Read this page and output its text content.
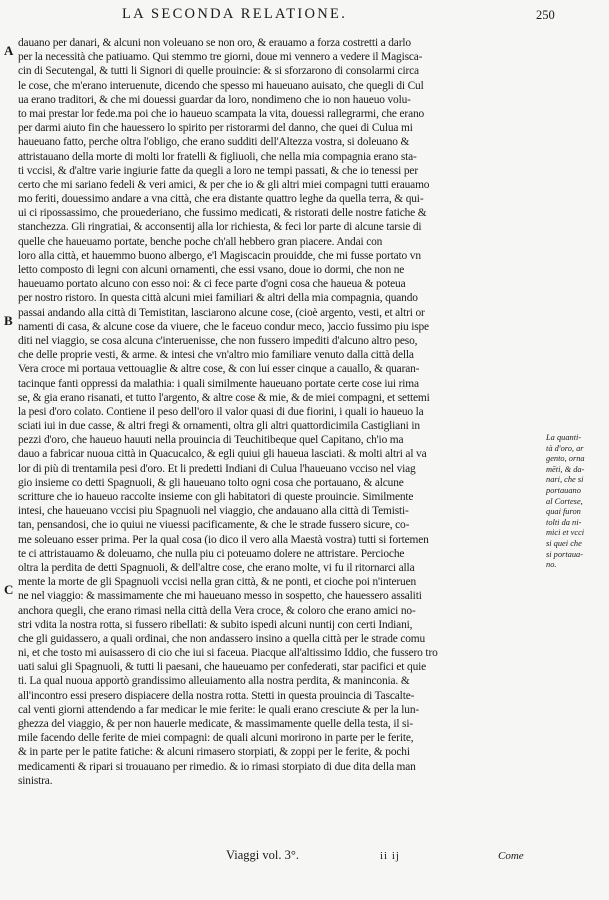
LA SECONDA RELATIONE.	250
A
B
C
dauano per danari, & alcuni non voleuano se non oro, & erauamo a forza costretti a darlo
per la necessità che patiuamo. Qui stemmo tre giorni, doue mi vennero a vedere il Magisca-
cin di Secutengal, & tutti li Signori di quelle prouincie: & si sforzarono di consolarmi circa
le cose, che m'erano interuenute, dicendo che spesso mi haueuano auisato, che quegli di Cul
ua erano traditori, & che mi douessi guardar da loro, nondimeno che io non haueuo volu-
to mai prestar lor fede.ma poi che io haueuo scampata la vita, douessi rallegrarmi, che erano
per darmi aiuto fin che hauessero lo spirito per ristorarmi del danno, che quei di Culua mi
haueuano fatto, perche oltra l'obligo, che erano sudditi dell'Altezza vostra, si doleuano &
attristauano della morte di molti lor fratelli & figliuoli, che nella mia compagnia erano sta-
ti vccisi, & d'altre varie ingiurie fatte da quegli a loro ne tempi passati, & che io tenessi per
certo che mi sariano fedeli & veri amici, & per che io & gli altri miei compagni tutti erauamo
mo feriti, douessimo andare a vna città, che era distante quattro leghe da quella terra, & qui-
ui ci ripossassimo, che prouederiano, che fussimo medicati, & ristorati delle nostre fatiche &
stanchezza. Gli ringratiai, & acconsentij alla lor richiesta, & feci lor parte di alcune tarsie di
quelle che haueuamo portate, benche poche ch'all hebbero gran piacere. Andai con
loro alla città, et hauemmo buono albergo, e'l Magiscacin prouidde, che mi fusse portato vn
letto composto di legni con alcuni ornamenti, che essi vsano, doue io dormi, che non ne
haueuamo portato alcuno con esso noi: & ci fece parte d'ogni cosa che haueua & poteua
per nostro ristoro. In questa città alcuni miei familiari & altri della mia compagnia, quando
passai andando alla città di Temistitan, lasciarono alcune cose, (cioè argento, vesti, et altri or
namenti di casa, & alcune cose da viuere, che le faceuo condur meco, )accio fussimo piu ispe
diti nel viaggio, se cosa alcuna c'interuenisse, che non fussero impediti d'alcuno altro peso,
che delle proprie vesti, & arme. & intesi che vn'altro mio familiare venuto dalla città della
Vera croce mi portaua vettouaglie & altre cose, & con lui esser cinque a cauallo, & quaran-
tacinque fanti oppressi da malathia: i quali similmente haueuano portate certe cose iui rima
se, & gia erano risanati, et tutto l'argento, & altre cose & mie, & de miei compagni, et settemi
la pesi d'oro colato. Contiene il peso dell'oro il valor quasi di due fiorini, i quali io haueuo la
sciati iui in due casse, & altri fregi & ornamenti, oltra gli altri quattordicimila Castigliani in
pezzi d'oro, che haueuo hauuti nella prouincia di Teuchitibeque quel Capitano, ch'io ma
dauo a fabricar nuoua città in Quacucalco, & egli quiui gli haueua lasciati. & molti altri al va
lor di più di trentamila pesi d'oro. Et li predetti Indiani di Culua l'haueuano vcciso nel viag
gio insieme co detti Spagnuoli, & gli haueuano tolto ogni cosa che portauano, & alcune
scritture che io haueuo raccolte insieme con gli habitatori di queste prouincie. Similmente
intesi, che haueuano vccisi piu Spagnuoli nel viaggio, che andauano alla città di Temisti-
tan, pensandosi, che io quiui ne viuessi pacificamente, & che le strade fussero sicure, co-
me soleuano esser prima. Per la qual cosa (io dico il vero alla Maestà vostra) tutti si fortemen
te ci attristauamo & doleuamo, che nulla piu ci poteuamo dolere ne attristare. Percioche
oltra la perdita de detti Spagnuoli, & dell'altre cose, che erano molte, vi fu il ritornarci alla
mente la morte de gli Spagnuoli vccisi nella gran città, & ne ponti, et cioche poi n'interuen
ne nel viaggio: & massimamente che mi haueuano messo in sospetto, che hauessero assaliti
anchora quegli, che erano rimasi nella città della Vera croce, & coloro che erano amici no-
stri vdita la nostra rotta, si fussero ribellati: & subito ispedi alcuni nuntij con certi Indiani,
che gli guidassero, a quali ordinai, che non andassero insino a quella città per le strade comu
ni, et che tosto mi auisassero di cio che iui si faceua. Piacque all'altissimo Iddio, che fussero tro
uati salui gli Spagnuoli, & tutti li paesani, che haueuamo per confederati, star pacifici et quie
ti. La qual nuoua apportò grandissimo alleuiamento alla nostra perdita, & maninconia. &
all'incontro essi presero dispiacere della nostra rotta. Stetti in questa prouincia di Tascalte-
cal venti giorni attendendo a far medicar le mie ferite: le quali erano cresciute & per la lun-
ghezza del viaggio, & per non hauerle medicate, & massimamente quelle della testa, il si-
mile facendo delle ferite de miei compagni: de quali alcuni morirono in parte per le ferite,
& in parte per le patite fatiche: & alcuni rimasero storpiati, & zoppi per le ferite, & pochi
medicamenti & ripari si trouauano per rimedio. & io rimasi storpiato di due dita della man
sinistra.
La quanti-
tà d'oro, ar
gento, orna
mēti, & da-
nari, che si
portauano
al Cortese,
quai furon
tolti da ni-
mici et vcci
si quei che
si portaua-
no.
Viaggi vol. 3°.	ii ij	Come
